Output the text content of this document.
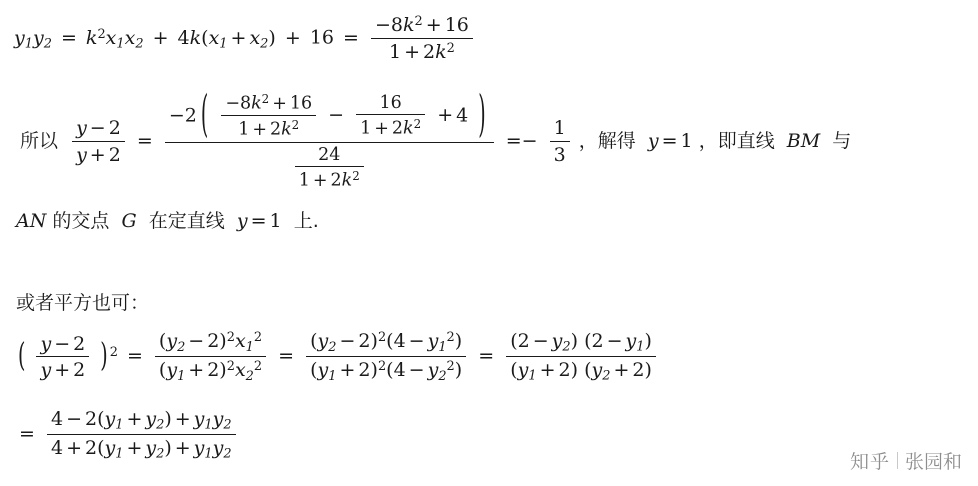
$y_1y_2 = k^2x_1x_2 + 4k(x_1 + x_2) + 16 = \frac{-8k^2 + 16}{1 + 2k^2}$
所以 $\frac{y - 2}{y + 2}$ =
−2 ( $\frac{-8k^2 + 16}{1 + 2k^2} - \frac{16}{1 + 2k^2} + 4$ )
$\frac{24}{1 + 2k^2}$
=− $\frac{1}{3}$ ，解得  y = 1 ，即直线  BM  与
AN 的交点  G  在定直线  y = 1 上.
或者平方也可：
( $\frac{y - 2}{y + 2}$ ) $^2 = \frac{(y_2 - 2)^2x_1^2}{(y_1 + 2)^2x_2^2} = \frac{(y_2 - 2)^2(4 - y_1^2)}{(y_1 + 2)^2(4 - y_2^2)} = \frac{(2 - y_2) (2 - y_1)}{(y_1 + 2) (y_2 + 2)}$
= $\frac{4 - 2(y_1 + y_2) + y_1y_2}{4 + 2(y_1 + y_2) + y_1y_2}$
知乎 张园和
